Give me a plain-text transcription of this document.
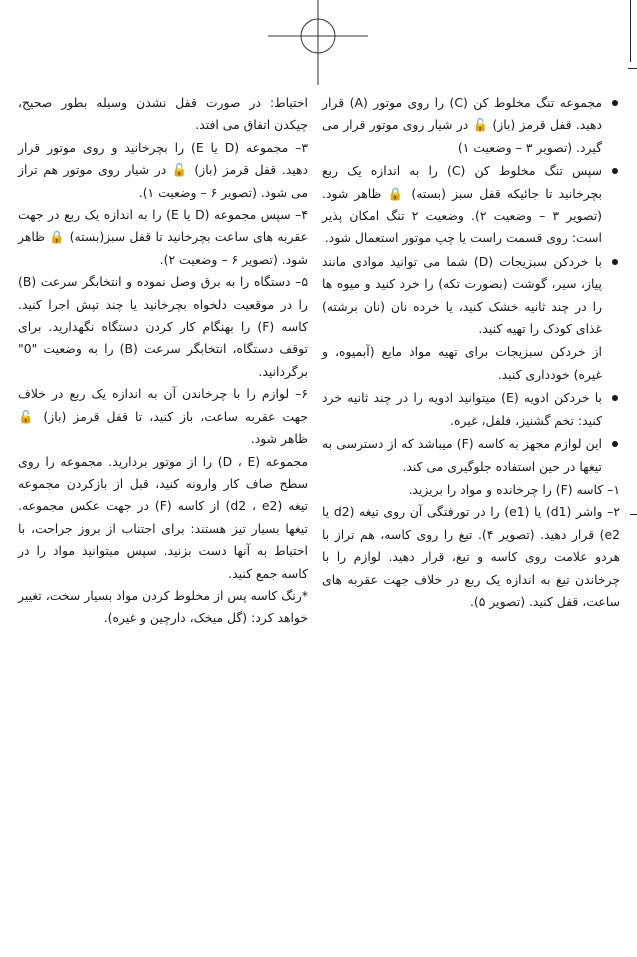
مجموعه تنگ مخلوط کن (C) را روی موتور (A) قرار دهید. قفل قرمز (باز) 🔓 در شیار روی موتور قرار می گیرد. (تصویر ۳ – وضعیت ۱)

سپس تنگ مخلوط کن (C) را به اندازه یک ربع بچرخانید تا جائیکه قفل سبز (بسته) 🔒 ظاهر شود. (تصویر ۳ – وضعیت ۲). وضعیت ۲ تنگ امکان پذیر است: روی قسمت راست یا چپ موتور استعمال شود.

با خردکن سبزیجات (D) شما می توانید موادی مانند پیاز، سیر، گوشت (بصورت تکه) را خرد کنید و میوه ها را در چند ثانیه خشک کنید، یا خرده نان (نان برشته) غذای کودک را تهیه کنید.

از خردکن سبزیجات برای تهیه مواد مایع (آبمیوه، و غیره) خودداری کنید.

با خردکن ادویه (E) میتوانید ادویه را در چند ثانیه خرد کنید: تخم گشنیز، فلفل، غیره.

این لوازم مجهز به کاسه (F) میباشد که از دسترسی به تیغها در حین استفاده جلوگیری می کند.

۱– کاسه (F) را چرخانده و مواد را بریزید.

۲– واشر (d1) یا (e1) را در تورفتگی آن روی تیغه (d2 یا e2) قرار دهید. (تصویر ۴). تیغ را روی کاسه، هم تراز با هردو علامت روی کاسه و تیغ، قرار دهید. لوازم را با چرخاندن تیغ به اندازه یک ربع در خلاف جهت عقربه های ساعت، قفل کنید. (تصویر ۵).

احتیاط: در صورت قفل نشدن وسیله بطور صحیح، چیکدن اتفاق می افتد.

۳– مجموعه (D یا E) را بچرخانید و روی موتور قرار دهید. قفل قرمز (باز) 🔓 در شیار روی موتور هم تراز می شود. (تصویر ۶ – وضعیت ۱).

۴– سپس مجموعه (D یا E) را به اندازه یک ربع در جهت عقربه های ساعت بچرخانید تا قفل سبز(بسته) 🔒 ظاهر شود. (تصویر ۶ – وضعیت ۲).

۵– دستگاه را به برق وصل نموده و انتخابگر سرعت (B) را در موقعیت دلخواه بچرخانید یا چند تپش اجرا کنید. کاسه (F) را بهنگام کار کردن دستگاه نگهدارید. برای توقف دستگاه، انتخابگر سرعت (B) را به وضعیت "0" برگردانید.

۶– لوازم را با چرخاندن آن به اندازه یک ربع در خلاف جهت عقربه ساعت، باز کنید، تا قفل قرمز (باز) 🔓 ظاهر شود.

مجموعه (D ، E) را از موتور بردارید. مجموعه را روی سطح صاف کار وارونه کنید، قبل از بازکردن مجموعه تیغه (d2 ، e2) از کاسه (F) در جهت عکس مجموعه. تیغها بسیار تیز هستند: برای اجتناب از بروز جراحت، با احتیاط به آنها دست بزنید. سپس میتوانید مواد را در کاسه جمع کنید.

*رنگ کاسه پس از مخلوط کردن مواد بسیار سخت، تغییر خواهد کرد: (گل میخک، دارچین و غیره).
